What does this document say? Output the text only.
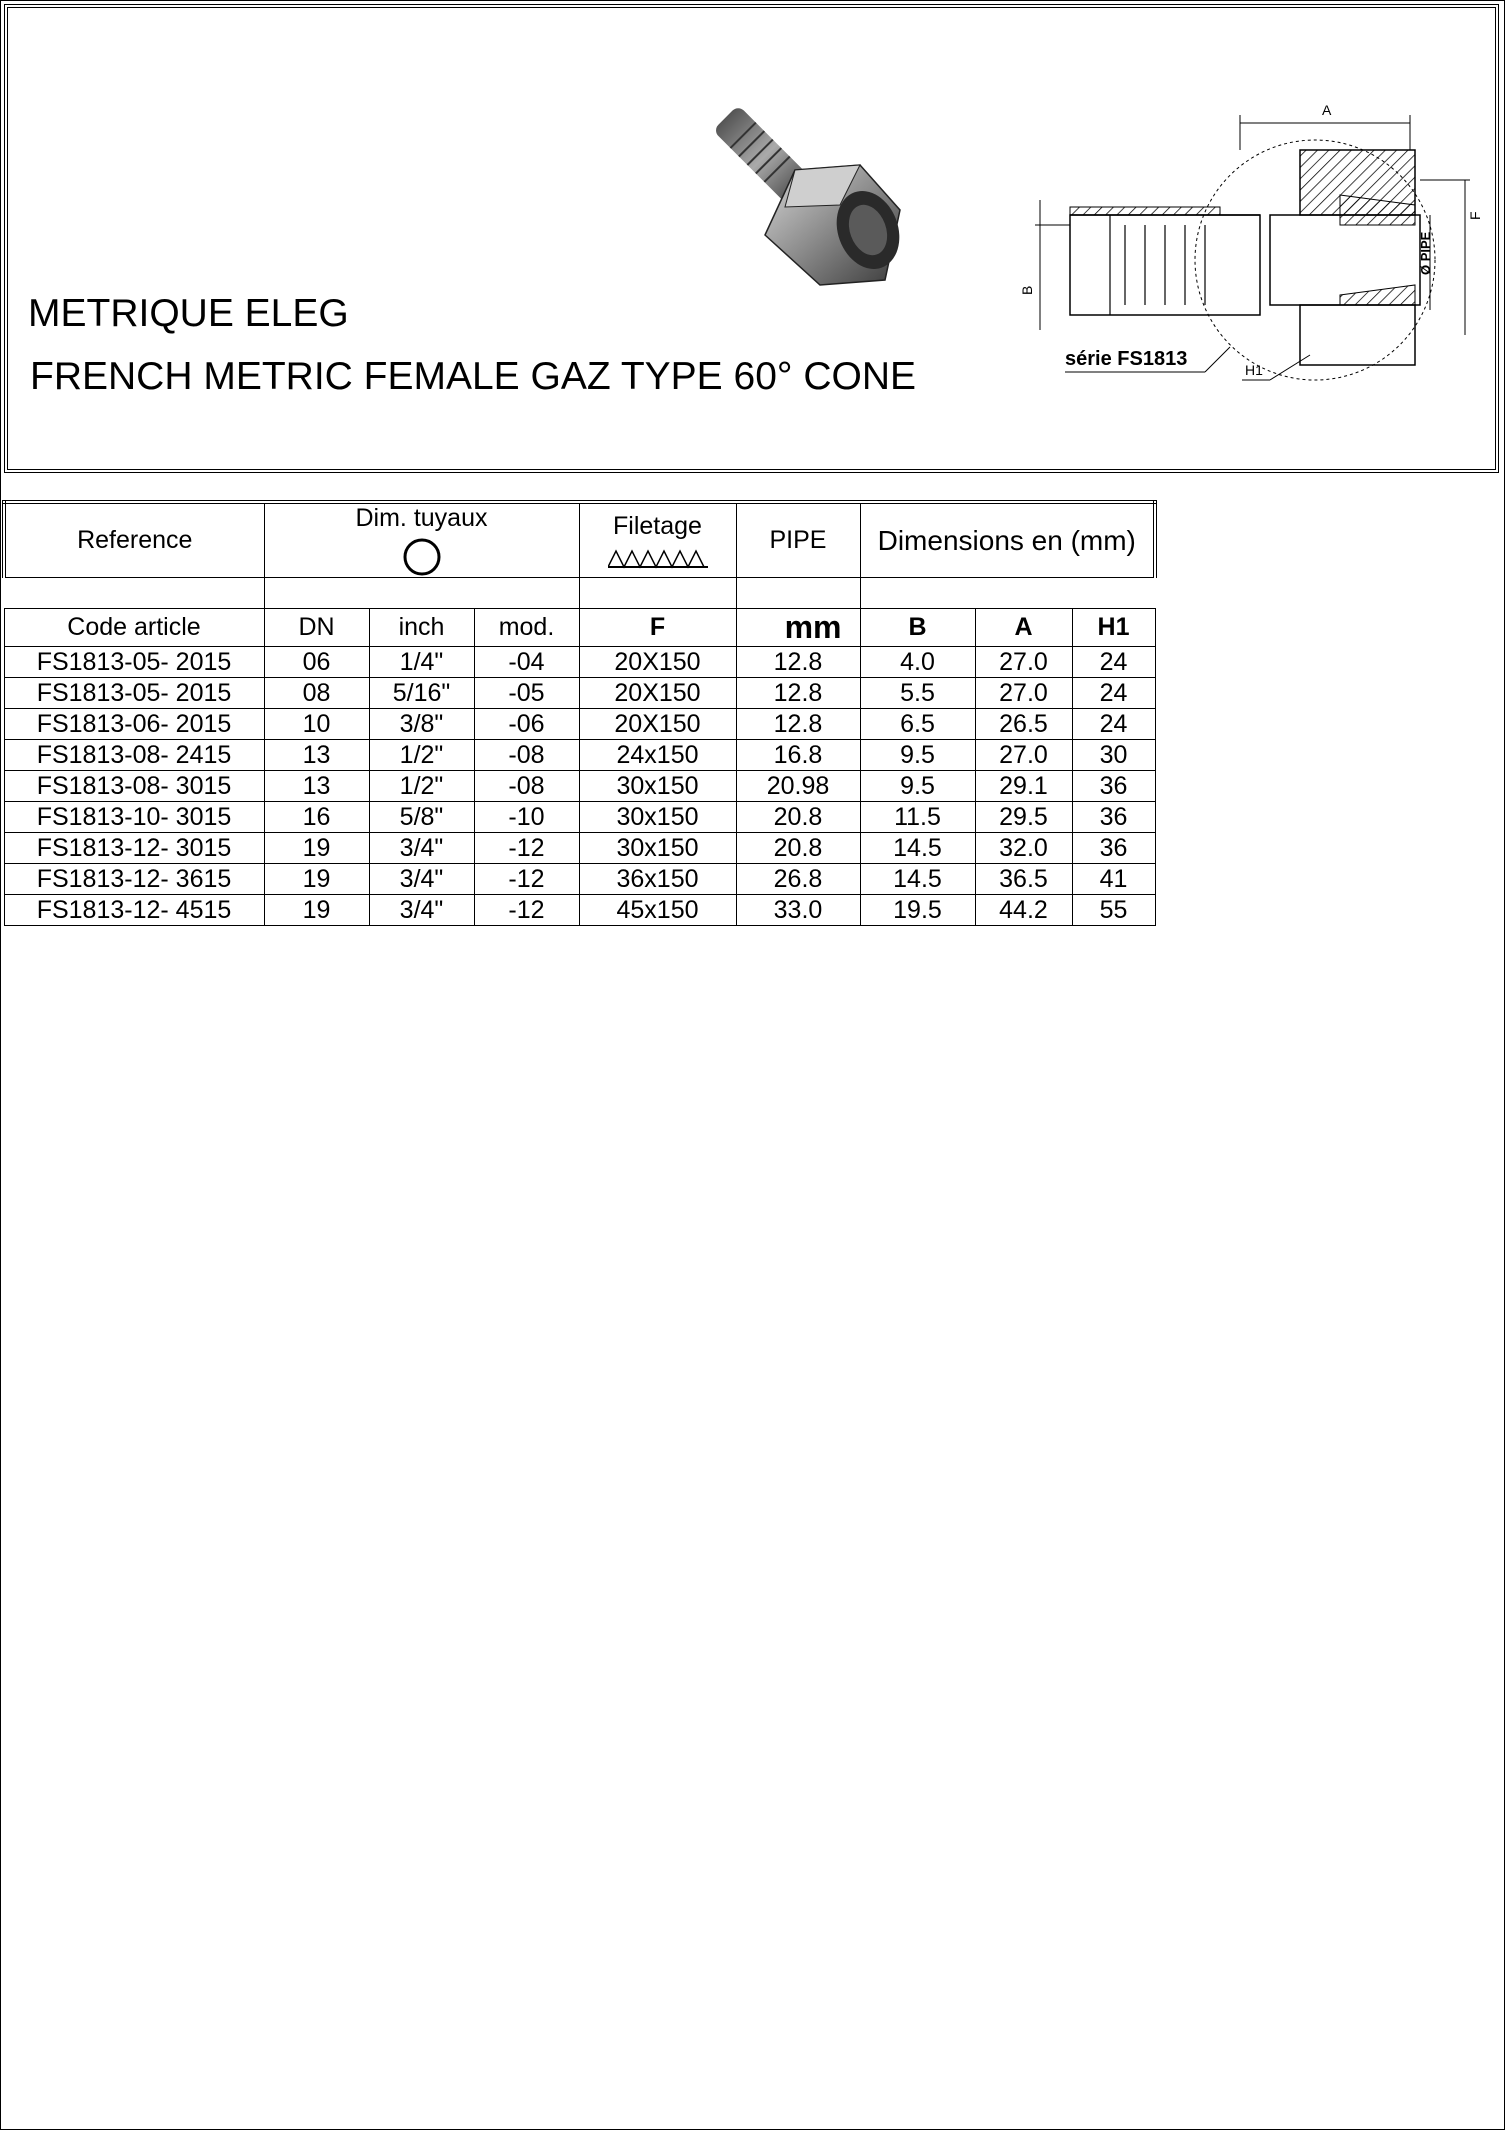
METRIQUE ELEG
FRENCH METRIC FEMALE GAZ TYPE 60° CONE
A
F
Ø PIPE
B
série FS1813	H1
Reference	Dim. tuyaux			Filetage	PIPE	Dimensions en (mm)		

Code article	DN	inch	mod.	F	mm	B	A	H1
FS1813-05- 2015	06	1/4"	-04	20X150	12.8	4.0	27.0	24
FS1813-05- 2015	08	5/16"	-05	20X150	12.8	5.5	27.0	24
FS1813-06- 2015	10	3/8"	-06	20X150	12.8	6.5	26.5	24
FS1813-08- 2415	13	1/2"	-08	24x150	16.8	9.5	27.0	30
FS1813-08- 3015	13	1/2"	-08	30x150	20.98	9.5	29.1	36
FS1813-10- 3015	16	5/8"	-10	30x150	20.8	11.5	29.5	36
FS1813-12- 3015	19	3/4"	-12	30x150	20.8	14.5	32.0	36
FS1813-12- 3615	19	3/4"	-12	36x150	26.8	14.5	36.5	41
FS1813-12- 4515	19	3/4"	-12	45x150	33.0	19.5	44.2	55
